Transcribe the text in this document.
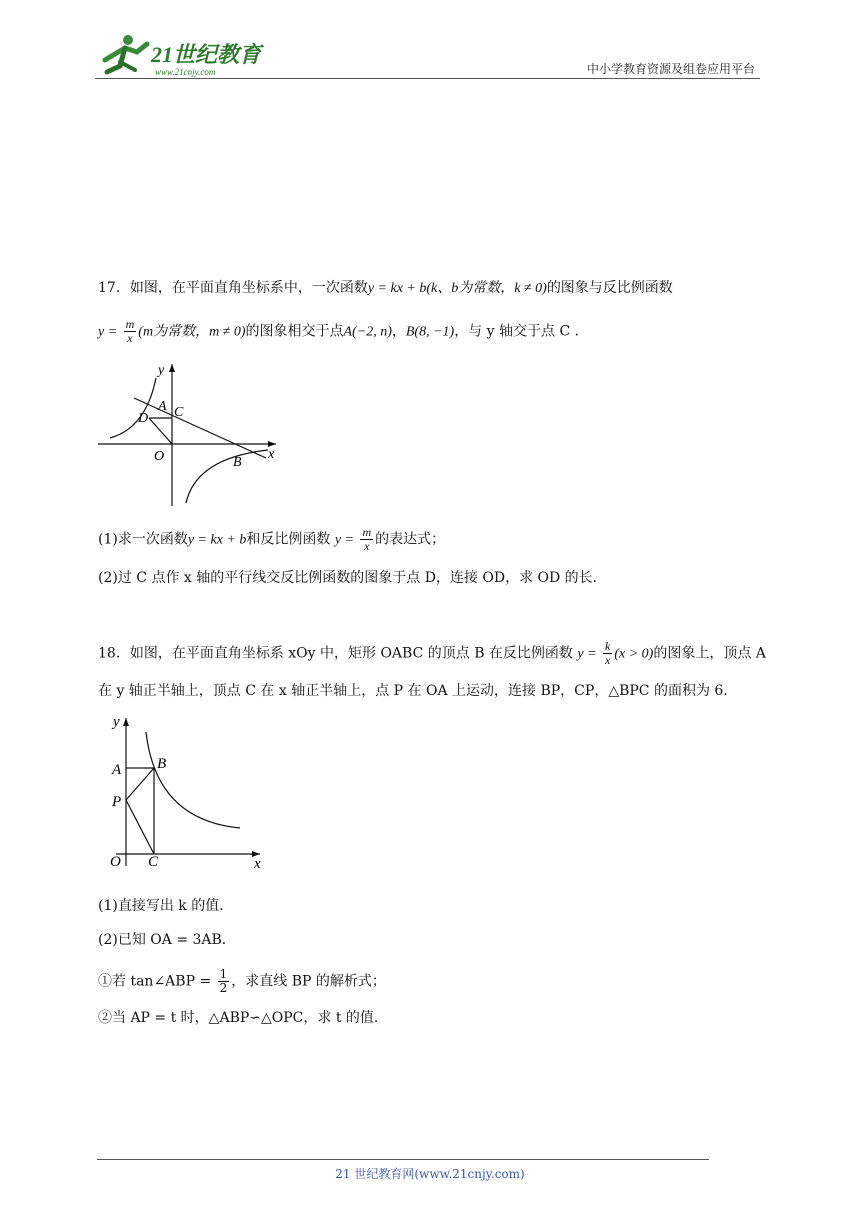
21世纪教育
www.21cnjy.com	中小学教育资源及组卷应用平台
17．如图，在平面直角坐标系中，一次函数y = kx + b(k、b为常数，k ≠ 0)的图象与反比例函数
$y = \frac{m}{x} (m$为常数，m ≠ 0)的图象相交于点A(−2, n)，B(8, −1)，与 y 轴交于点 C .
y
x
O
A C
D
B
(1)求一次函数y = kx + b和反比例函数 $y = \frac{m}{x}$ 的表达式；
(2)过 C 点作 x 轴的平行线交反比例函数的图象于点 D，连接 OD，求 OD 的长．
18．如图，在平面直角坐标系 xOy 中，矩形 OABC 的顶点 B 在反比例函数 $y = \frac{k}{x} (x > 0)$的图象上，顶点 A
在 y 轴正半轴上，顶点 C 在 x 轴正半轴上，点 P 在 OA 上运动，连接 BP，CP，△BPC 的面积为 6．
y
x
O
A B
P
C
(1)直接写出 k 的值．
(2)已知 OA = 3AB．
①若 tan∠ABP = $\frac{1}{2}$ ，求直线 BP 的解析式；
②当 AP = t 时，△ABP∽△OPC，求 t 的值．
21 世纪教育网(www.21cnjy.com)
